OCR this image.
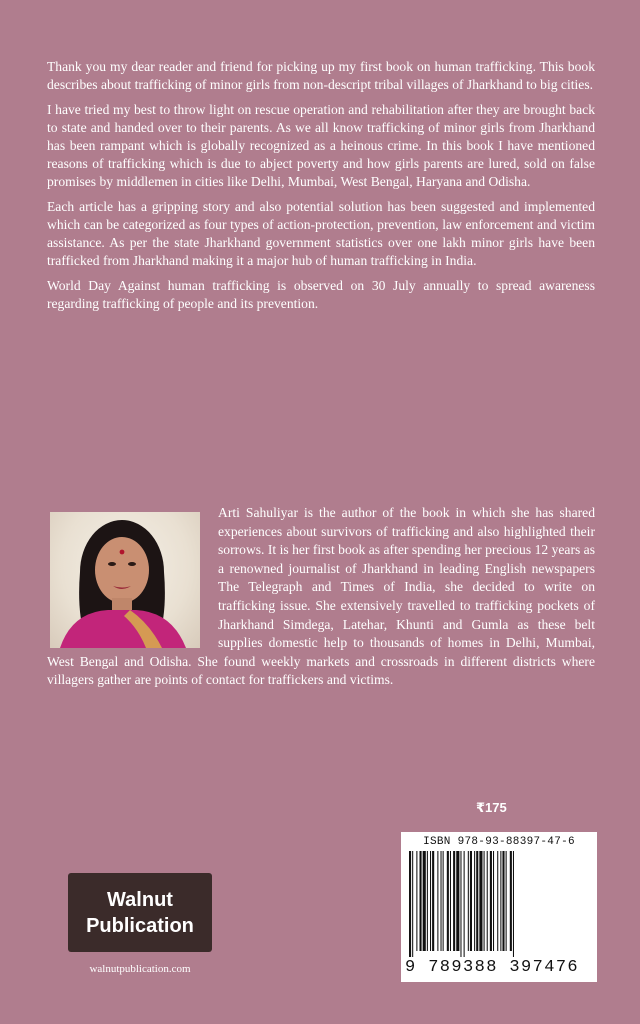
Thank you my dear reader and friend for picking up my first book on human trafficking. This book describes about trafficking of minor girls from non-descript tribal villages of Jharkhand to big cities.

I have tried my best to throw light on rescue operation and rehabilitation after they are brought back to state and handed over to their parents. As we all know trafficking of minor girls from Jharkhand has been rampant which is globally recognized as a heinous crime. In this book I have mentioned reasons of trafficking which is due to abject poverty and how girls parents are lured, sold on false promises by middlemen in cities like Delhi, Mumbai, West Bengal, Haryana and Odisha.

Each article has a gripping story and also potential solution has been suggested and implemented which can be categorized as four types of action-protection, prevention, law enforcement and victim assistance. As per the state Jharkhand government statistics over one lakh minor girls have been trafficked from Jharkhand making it a major hub of human trafficking in India.

World Day Against human trafficking is observed on 30 July annually to spread awareness regarding trafficking of people and its prevention.

Arti Sahuliyar is the author of the book in which she has shared experiences about survivors of trafficking and also highlighted their sorrows. It is her first book as after spending her precious 12 years as a renowned journalist of Jharkhand in leading English newspapers The Telegraph and Times of India, she decided to write on trafficking issue. She extensively travelled to trafficking pockets of Jharkhand Simdega, Latehar, Khunti and Gumla as these belt supplies domestic help to thousands of homes in Delhi, Mumbai, West Bengal and Odisha. She found weekly markets and crossroads in different districts where villagers gather are points of contact for traffickers and victims.

₹175
ISBN 978-93-88397-47-6
9 789388 397476
Walnut
Publication
walnutpublication.com
